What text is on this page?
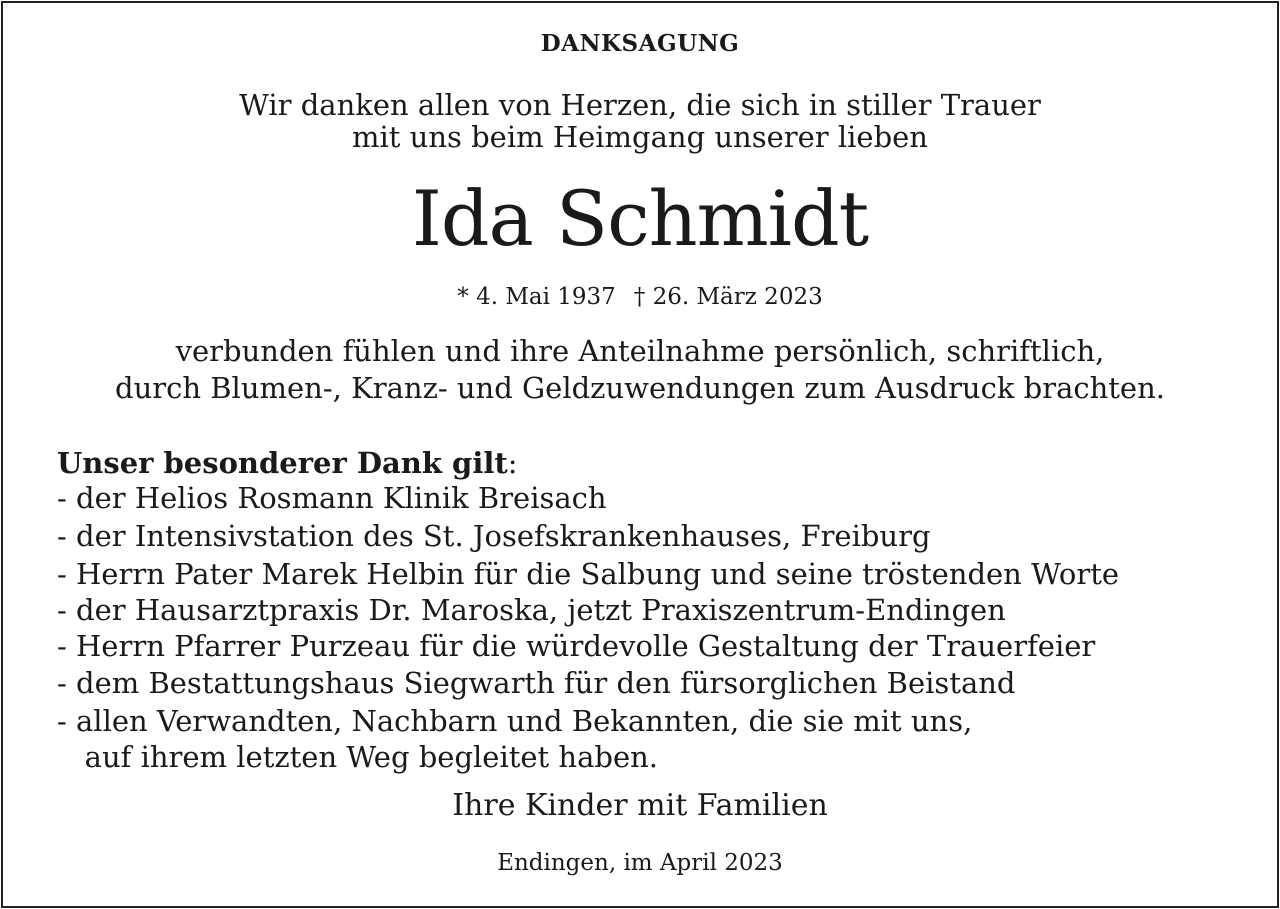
DANKSAGUNG
Wir danken allen von Herzen, die sich in stiller Trauer
mit uns beim Heimgang unserer lieben
Ida Schmidt
* 4. Mai 1937 † 26. März 2023
verbunden fühlen und ihre Anteilnahme persönlich, schriftlich,
durch Blumen-, Kranz- und Geldzuwendungen zum Ausdruck brachten.
Unser besonderer Dank gilt:
- der Helios Rosmann Klinik Breisach
- der Intensivstation des St. Josefskrankenhauses, Freiburg
- Herrn Pater Marek Helbin für die Salbung und seine tröstenden Worte
- der Hausarztpraxis Dr. Maroska, jetzt Praxiszentrum-Endingen
- Herrn Pfarrer Purzeau für die würdevolle Gestaltung der Trauerfeier
- dem Bestattungshaus Siegwarth für den fürsorglichen Beistand
- allen Verwandten, Nachbarn und Bekannten, die sie mit uns,
auf ihrem letzten Weg begleitet haben.
Ihre Kinder mit Familien
Endingen, im April 2023
